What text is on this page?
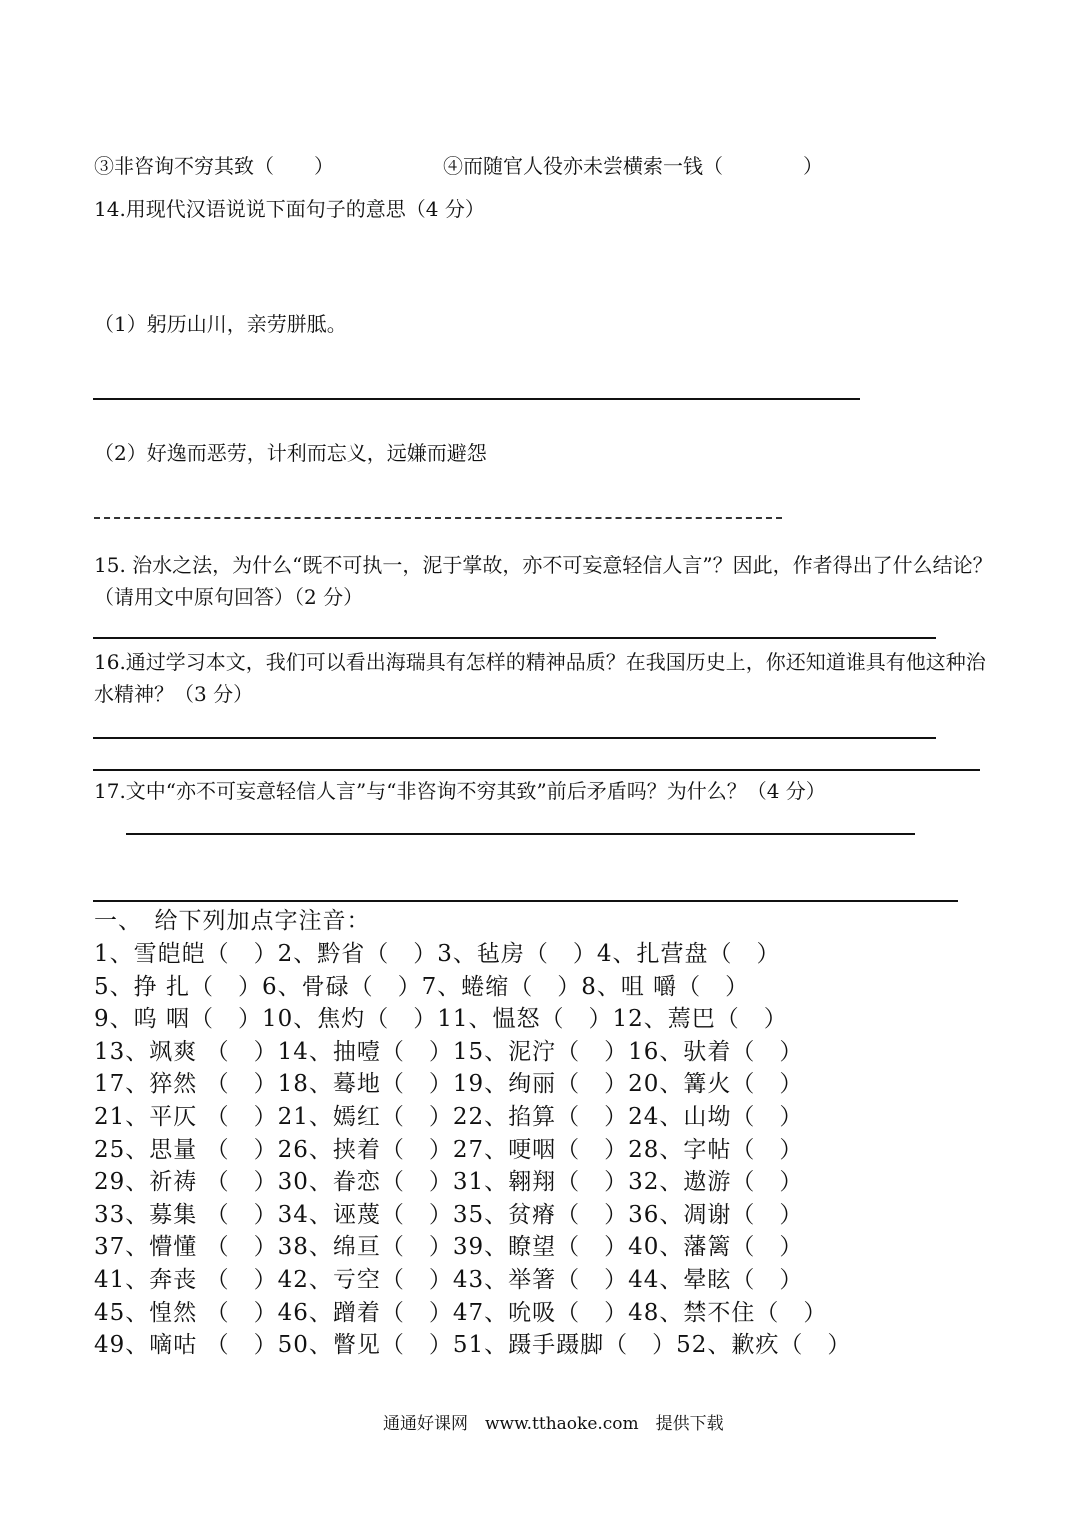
③非咨询不穷其致（　　）	④而随官人役亦未尝横索一钱（　　　　）
14.用现代汉语说说下面句子的意思（4 分）
（1）躬历山川，亲劳胼胝。
（2）好逸而恶劳，计利而忘义，远嫌而避怨
15. 治水之法，为什么“既不可执一，泥于掌故，亦不可妄意轻信人言”？因此，作者得出了什么结论？（请用文中原句回答）（2 分）
16.通过学习本文，我们可以看出海瑞具有怎样的精神品质？在我国历史上，你还知道谁具有他这种治水精神？（3 分）
17.文中“亦不可妄意轻信人言”与“非咨询不穷其致”前后矛盾吗？为什么？（4 分）
一、　给下列加点字注音：
1、雪皑皑（　）2、黔省（　）3、毡房（　）4、扎营盘（　）
5、挣 扎（　）6、骨碌（　）7、蜷缩（　）8、咀 嚼（　）
9、呜 咽（　）10、焦灼（　）11、愠怒（　）12、蔫巴（　）
13、飒爽 （　）14、抽噎（　）15、泥泞（　）16、驮着（　）
17、猝然 （　）18、蓦地（　）19、绚丽（　）20、篝火（　）
21、平仄 （　）21、嫣红（　）22、掐算（　）24、山坳（　）
25、思量 （　）26、挟着（　）27、哽咽（　）28、字帖（　）
29、祈祷 （　）30、眷恋（　）31、翱翔（　）32、遨游（　）
33、募集 （　）34、诬蔑（　）35、贫瘠（　）36、凋谢（　）
37、懵懂 （　）38、绵亘（　）39、瞭望（　）40、藩篱（　）
41、奔丧 （　）42、亏空（　）43、举箸（　）44、晕眩（　）
45、惶然 （　）46、蹭着（　）47、吮吸（　）48、禁不住（　）
49、嘀咕 （　）50、瞥见（　）51、蹑手蹑脚（　）52、歉疚（　）
通通好课网　www.tthaoke.com　提供下载
